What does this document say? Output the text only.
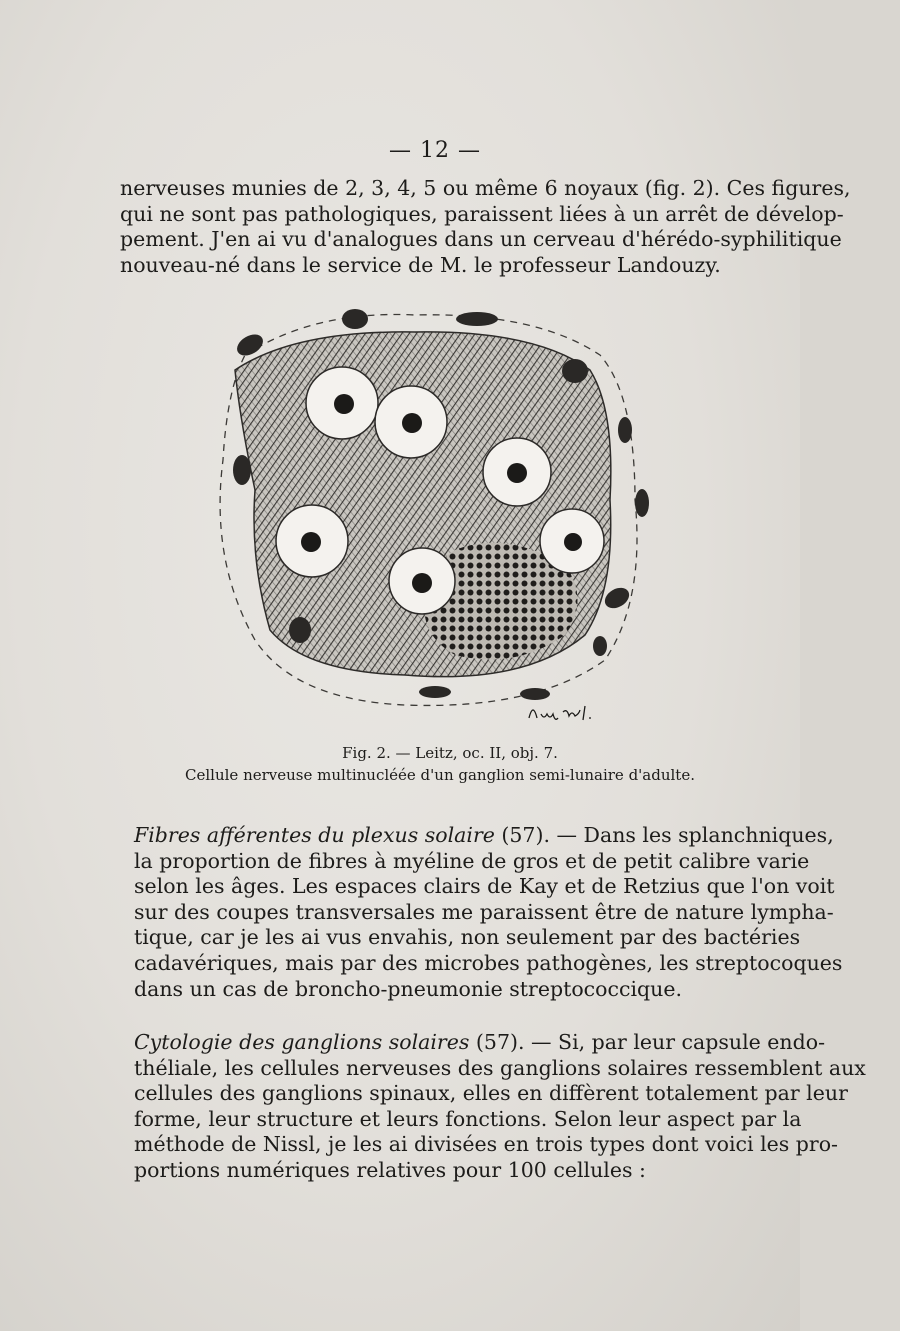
— 12 —

nerveuses munies de 2, 3, 4, 5 ou même 6 noyaux (fig. 2). Ces figures,
qui ne sont pas pathologiques, paraissent liées à un arrêt de dévelop-
pement. J'en ai vu d'analogues dans un cerveau d'hérédo-syphilitique
nouveau-né dans le service de M. le professeur Landouzy.

Fig. 2. — Leitz, oc. II, obj. 7.
Cellule nerveuse multinucléée d'un ganglion semi-lunaire d'adulte.

Fibres afférentes du plexus solaire (57). — Dans les splanchniques,
la proportion de fibres à myéline de gros et de petit calibre varie
selon les âges. Les espaces clairs de Kay et de Retzius que l'on voit
sur des coupes transversales me paraissent être de nature lympha-
tique, car je les ai vus envahis, non seulement par des bactéries
cadavériques, mais par des microbes pathogènes, les streptocoques
dans un cas de broncho-pneumonie streptococcique.

Cytologie des ganglions solaires (57). — Si, par leur capsule endo-
théliale, les cellules nerveuses des ganglions solaires ressemblent aux
cellules des ganglions spinaux, elles en diffèrent totalement par leur
forme, leur structure et leurs fonctions. Selon leur aspect par la
méthode de Nissl, je les ai divisées en trois types dont voici les pro-
portions numériques relatives pour 100 cellules :
